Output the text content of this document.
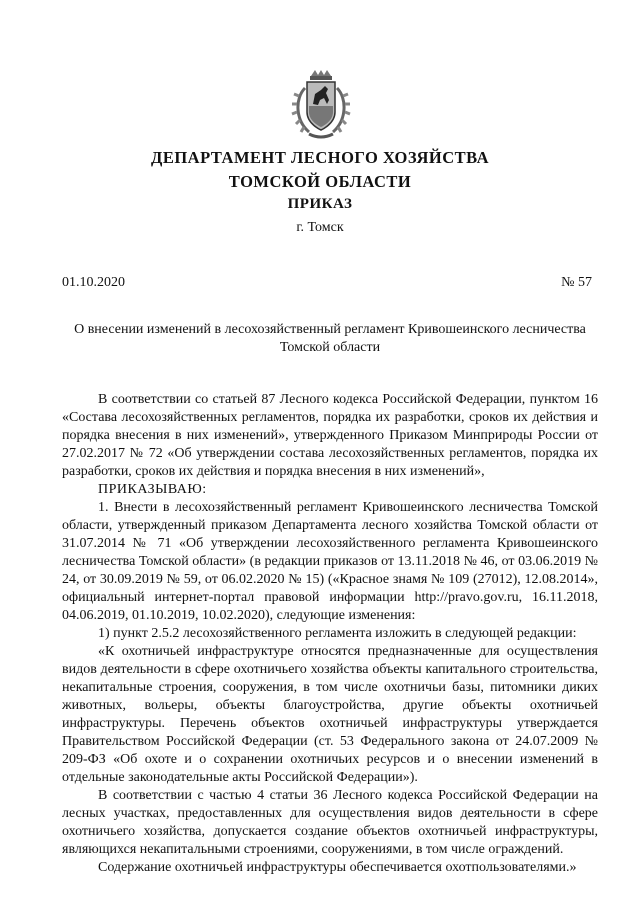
ДЕПАРТАМЕНТ ЛЕСНОГО ХОЗЯЙСТВА
ТОМСКОЙ ОБЛАСТИ
ПРИКАЗ
г. Томск
01.10.2020	№ 57
О внесении изменений в лесохозяйственный регламент Кривошеинского лесничества Томской области

В соответствии со статьей 87 Лесного кодекса Российской Федерации, пунктом 16 «Состава лесохозяйственных регламентов, порядка их разработки, сроков их действия и порядка внесения в них изменений», утвержденного Приказом Минприроды России от 27.02.2017 № 72 «Об утверждении состава лесохозяйственных регламентов, порядка их разработки, сроков их действия и порядка внесения в них изменений»,

ПРИКАЗЫВАЮ:

1. Внести в лесохозяйственный регламент Кривошеинского лесничества Томской области, утвержденный приказом Департамента лесного хозяйства Томской области от 31.07.2014 № 71 «Об утверждении лесохозяйственного регламента Кривошеинского лесничества Томской области» (в редакции приказов от 13.11.2018 № 46, от 03.06.2019 № 24, от 30.09.2019 № 59, от 06.02.2020 № 15) («Красное знамя № 109 (27012), 12.08.2014», официальный интернет-портал правовой информации http://pravo.gov.ru, 16.11.2018, 04.06.2019, 01.10.2019, 10.02.2020), следующие изменения:

1) пункт 2.5.2 лесохозяйственного регламента изложить в следующей редакции:

«К охотничьей инфраструктуре относятся предназначенные для осуществления видов деятельности в сфере охотничьего хозяйства объекты капитального строительства, некапитальные строения, сооружения, в том числе охотничьи базы, питомники диких животных, вольеры, объекты благоустройства, другие объекты охотничьей инфраструктуры. Перечень объектов охотничьей инфраструктуры утверждается Правительством Российской Федерации (ст. 53 Федерального закона от 24.07.2009 № 209-ФЗ «Об охоте и о сохранении охотничьих ресурсов и о внесении изменений в отдельные законодательные акты Российской Федерации»).

В соответствии с частью 4 статьи 36 Лесного кодекса Российской Федерации на лесных участках, предоставленных для осуществления видов деятельности в сфере охотничьего хозяйства, допускается создание объектов охотничьей инфраструктуры, являющихся некапитальными строениями, сооружениями, в том числе ограждений.

Содержание охотничьей инфраструктуры обеспечивается охотпользователями.»
